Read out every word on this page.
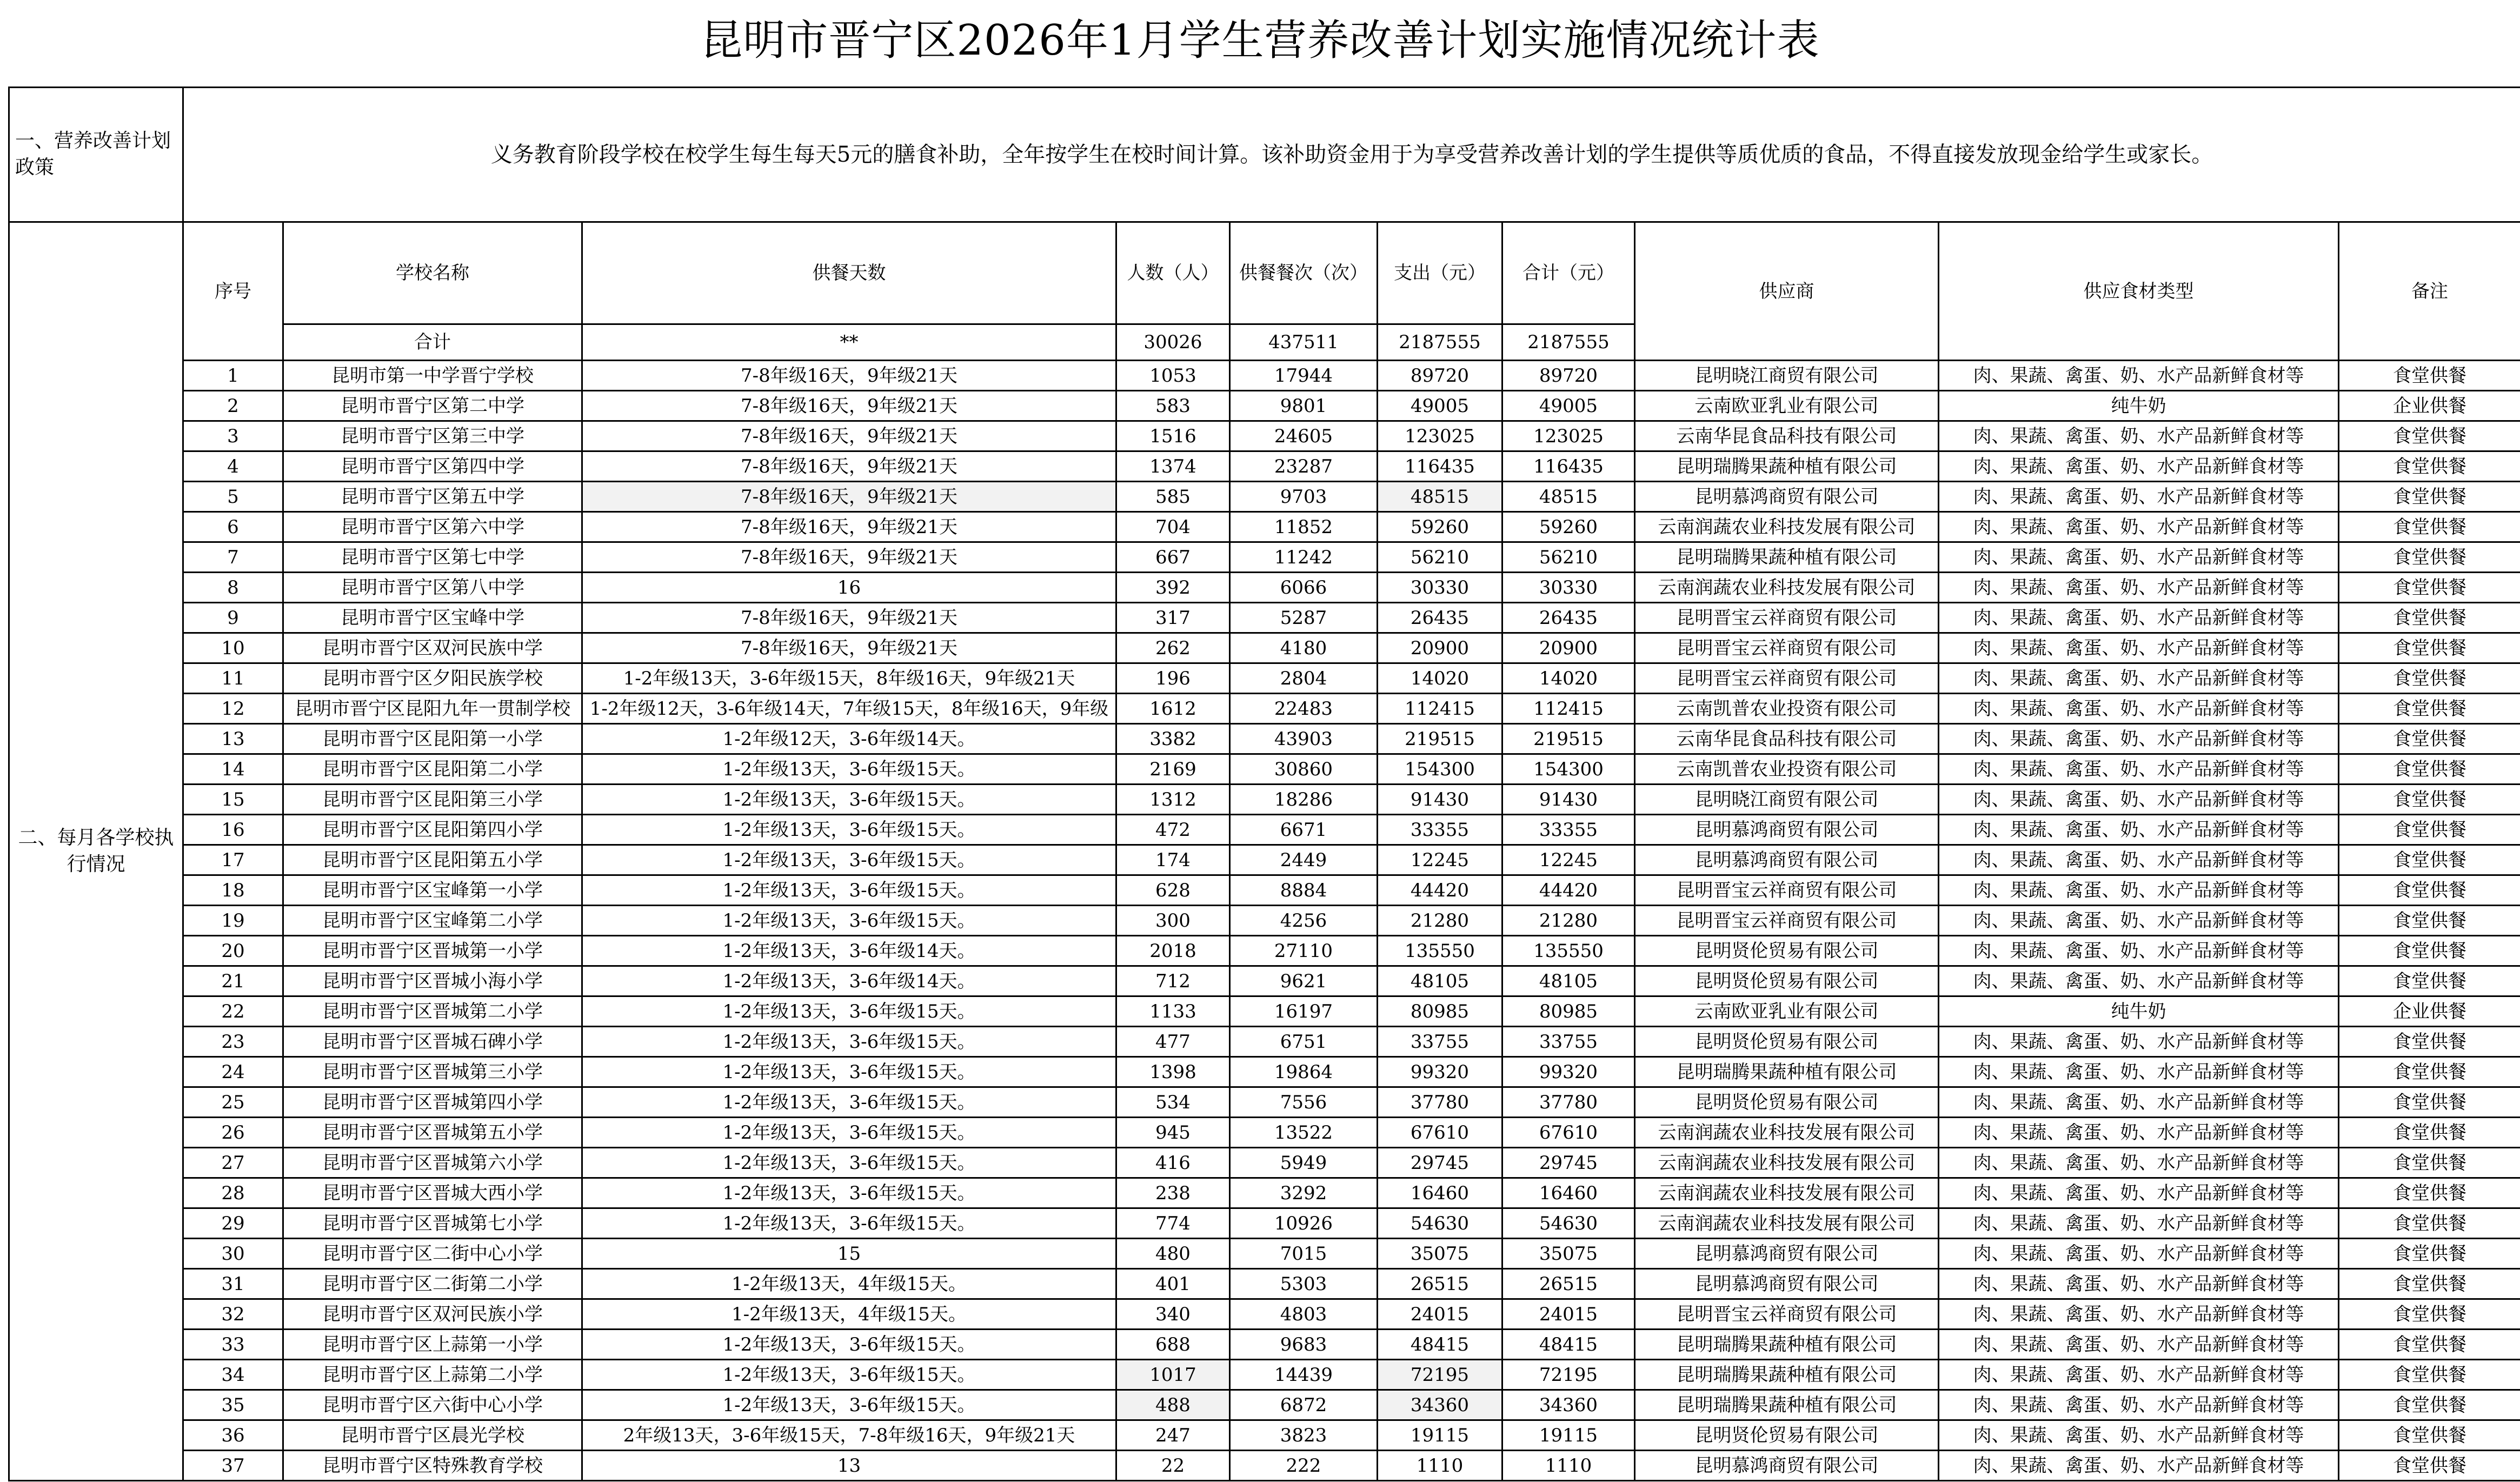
昆明市晋宁区2026年1月学生营养改善计划实施情况统计表
一、营养改善计划政策	义务教育阶段学校在校学生每生每天5元的膳食补助，全年按学生在校时间计算。该补助资金用于为享受营养改善计划的学生提供等质优质的食品，不得直接发放现金给学生或家长。									
二、每月各学校执行情况	序号	学校名称	供餐天数	人数（人）	供餐餐次（次）	支出（元）	合计（元）	供应商	供应食材类型	备注
		合计	**	30026	437511	2187555	2187555			
	1	昆明市第一中学晋宁学校	7-8年级16天，9年级21天	1053	17944	89720	89720	昆明晓江商贸有限公司	肉、果蔬、禽蛋、奶、水产品新鲜食材等	食堂供餐
	2	昆明市晋宁区第二中学	7-8年级16天，9年级21天	583	9801	49005	49005	云南欧亚乳业有限公司	纯牛奶	企业供餐
	3	昆明市晋宁区第三中学	7-8年级16天，9年级21天	1516	24605	123025	123025	云南华昆食品科技有限公司	肉、果蔬、禽蛋、奶、水产品新鲜食材等	食堂供餐
	4	昆明市晋宁区第四中学	7-8年级16天，9年级21天	1374	23287	116435	116435	昆明瑞腾果蔬种植有限公司	肉、果蔬、禽蛋、奶、水产品新鲜食材等	食堂供餐
	5	昆明市晋宁区第五中学	7-8年级16天，9年级21天	585	9703	48515	48515	昆明慕鸿商贸有限公司	肉、果蔬、禽蛋、奶、水产品新鲜食材等	食堂供餐
	6	昆明市晋宁区第六中学	7-8年级16天，9年级21天	704	11852	59260	59260	云南润蔬农业科技发展有限公司	肉、果蔬、禽蛋、奶、水产品新鲜食材等	食堂供餐
	7	昆明市晋宁区第七中学	7-8年级16天，9年级21天	667	11242	56210	56210	昆明瑞腾果蔬种植有限公司	肉、果蔬、禽蛋、奶、水产品新鲜食材等	食堂供餐
	8	昆明市晋宁区第八中学	16	392	6066	30330	30330	云南润蔬农业科技发展有限公司	肉、果蔬、禽蛋、奶、水产品新鲜食材等	食堂供餐
	9	昆明市晋宁区宝峰中学	7-8年级16天，9年级21天	317	5287	26435	26435	昆明晋宝云祥商贸有限公司	肉、果蔬、禽蛋、奶、水产品新鲜食材等	食堂供餐
	10	昆明市晋宁区双河民族中学	7-8年级16天，9年级21天	262	4180	20900	20900	昆明晋宝云祥商贸有限公司	肉、果蔬、禽蛋、奶、水产品新鲜食材等	食堂供餐
	11	昆明市晋宁区夕阳民族学校	1-2年级13天，3-6年级15天，8年级16天，9年级21天	196	2804	14020	14020	昆明晋宝云祥商贸有限公司	肉、果蔬、禽蛋、奶、水产品新鲜食材等	食堂供餐
	12	昆明市晋宁区昆阳九年一贯制学校	1-2年级12天，3-6年级14天，7年级15天，8年级16天，9年级	1612	22483	112415	112415	云南凯普农业投资有限公司	肉、果蔬、禽蛋、奶、水产品新鲜食材等	食堂供餐
	13	昆明市晋宁区昆阳第一小学	1-2年级12天，3-6年级14天。	3382	43903	219515	219515	云南华昆食品科技有限公司	肉、果蔬、禽蛋、奶、水产品新鲜食材等	食堂供餐
	14	昆明市晋宁区昆阳第二小学	1-2年级13天，3-6年级15天。	2169	30860	154300	154300	云南凯普农业投资有限公司	肉、果蔬、禽蛋、奶、水产品新鲜食材等	食堂供餐
	15	昆明市晋宁区昆阳第三小学	1-2年级13天，3-6年级15天。	1312	18286	91430	91430	昆明晓江商贸有限公司	肉、果蔬、禽蛋、奶、水产品新鲜食材等	食堂供餐
	16	昆明市晋宁区昆阳第四小学	1-2年级13天，3-6年级15天。	472	6671	33355	33355	昆明慕鸿商贸有限公司	肉、果蔬、禽蛋、奶、水产品新鲜食材等	食堂供餐
	17	昆明市晋宁区昆阳第五小学	1-2年级13天，3-6年级15天。	174	2449	12245	12245	昆明慕鸿商贸有限公司	肉、果蔬、禽蛋、奶、水产品新鲜食材等	食堂供餐
	18	昆明市晋宁区宝峰第一小学	1-2年级13天，3-6年级15天。	628	8884	44420	44420	昆明晋宝云祥商贸有限公司	肉、果蔬、禽蛋、奶、水产品新鲜食材等	食堂供餐
	19	昆明市晋宁区宝峰第二小学	1-2年级13天，3-6年级15天。	300	4256	21280	21280	昆明晋宝云祥商贸有限公司	肉、果蔬、禽蛋、奶、水产品新鲜食材等	食堂供餐
	20	昆明市晋宁区晋城第一小学	1-2年级13天，3-6年级14天。	2018	27110	135550	135550	昆明贤伦贸易有限公司	肉、果蔬、禽蛋、奶、水产品新鲜食材等	食堂供餐
	21	昆明市晋宁区晋城小海小学	1-2年级13天，3-6年级14天。	712	9621	48105	48105	昆明贤伦贸易有限公司	肉、果蔬、禽蛋、奶、水产品新鲜食材等	食堂供餐
	22	昆明市晋宁区晋城第二小学	1-2年级13天，3-6年级15天。	1133	16197	80985	80985	云南欧亚乳业有限公司	纯牛奶	企业供餐
	23	昆明市晋宁区晋城石碑小学	1-2年级13天，3-6年级15天。	477	6751	33755	33755	昆明贤伦贸易有限公司	肉、果蔬、禽蛋、奶、水产品新鲜食材等	食堂供餐
	24	昆明市晋宁区晋城第三小学	1-2年级13天，3-6年级15天。	1398	19864	99320	99320	昆明瑞腾果蔬种植有限公司	肉、果蔬、禽蛋、奶、水产品新鲜食材等	食堂供餐
	25	昆明市晋宁区晋城第四小学	1-2年级13天，3-6年级15天。	534	7556	37780	37780	昆明贤伦贸易有限公司	肉、果蔬、禽蛋、奶、水产品新鲜食材等	食堂供餐
	26	昆明市晋宁区晋城第五小学	1-2年级13天，3-6年级15天。	945	13522	67610	67610	云南润蔬农业科技发展有限公司	肉、果蔬、禽蛋、奶、水产品新鲜食材等	食堂供餐
	27	昆明市晋宁区晋城第六小学	1-2年级13天，3-6年级15天。	416	5949	29745	29745	云南润蔬农业科技发展有限公司	肉、果蔬、禽蛋、奶、水产品新鲜食材等	食堂供餐
	28	昆明市晋宁区晋城大西小学	1-2年级13天，3-6年级15天。	238	3292	16460	16460	云南润蔬农业科技发展有限公司	肉、果蔬、禽蛋、奶、水产品新鲜食材等	食堂供餐
	29	昆明市晋宁区晋城第七小学	1-2年级13天，3-6年级15天。	774	10926	54630	54630	云南润蔬农业科技发展有限公司	肉、果蔬、禽蛋、奶、水产品新鲜食材等	食堂供餐
	30	昆明市晋宁区二街中心小学	15	480	7015	35075	35075	昆明慕鸿商贸有限公司	肉、果蔬、禽蛋、奶、水产品新鲜食材等	食堂供餐
	31	昆明市晋宁区二街第二小学	1-2年级13天，4年级15天。	401	5303	26515	26515	昆明慕鸿商贸有限公司	肉、果蔬、禽蛋、奶、水产品新鲜食材等	食堂供餐
	32	昆明市晋宁区双河民族小学	1-2年级13天，4年级15天。	340	4803	24015	24015	昆明晋宝云祥商贸有限公司	肉、果蔬、禽蛋、奶、水产品新鲜食材等	食堂供餐
	33	昆明市晋宁区上蒜第一小学	1-2年级13天，3-6年级15天。	688	9683	48415	48415	昆明瑞腾果蔬种植有限公司	肉、果蔬、禽蛋、奶、水产品新鲜食材等	食堂供餐
	34	昆明市晋宁区上蒜第二小学	1-2年级13天，3-6年级15天。	1017	14439	72195	72195	昆明瑞腾果蔬种植有限公司	肉、果蔬、禽蛋、奶、水产品新鲜食材等	食堂供餐
	35	昆明市晋宁区六街中心小学	1-2年级13天，3-6年级15天。	488	6872	34360	34360	昆明瑞腾果蔬种植有限公司	肉、果蔬、禽蛋、奶、水产品新鲜食材等	食堂供餐
	36	昆明市晋宁区晨光学校	2年级13天，3-6年级15天，7-8年级16天，9年级21天	247	3823	19115	19115	昆明贤伦贸易有限公司	肉、果蔬、禽蛋、奶、水产品新鲜食材等	食堂供餐
	37	昆明市晋宁区特殊教育学校	13	22	222	1110	1110	昆明慕鸿商贸有限公司	肉、果蔬、禽蛋、奶、水产品新鲜食材等	食堂供餐
